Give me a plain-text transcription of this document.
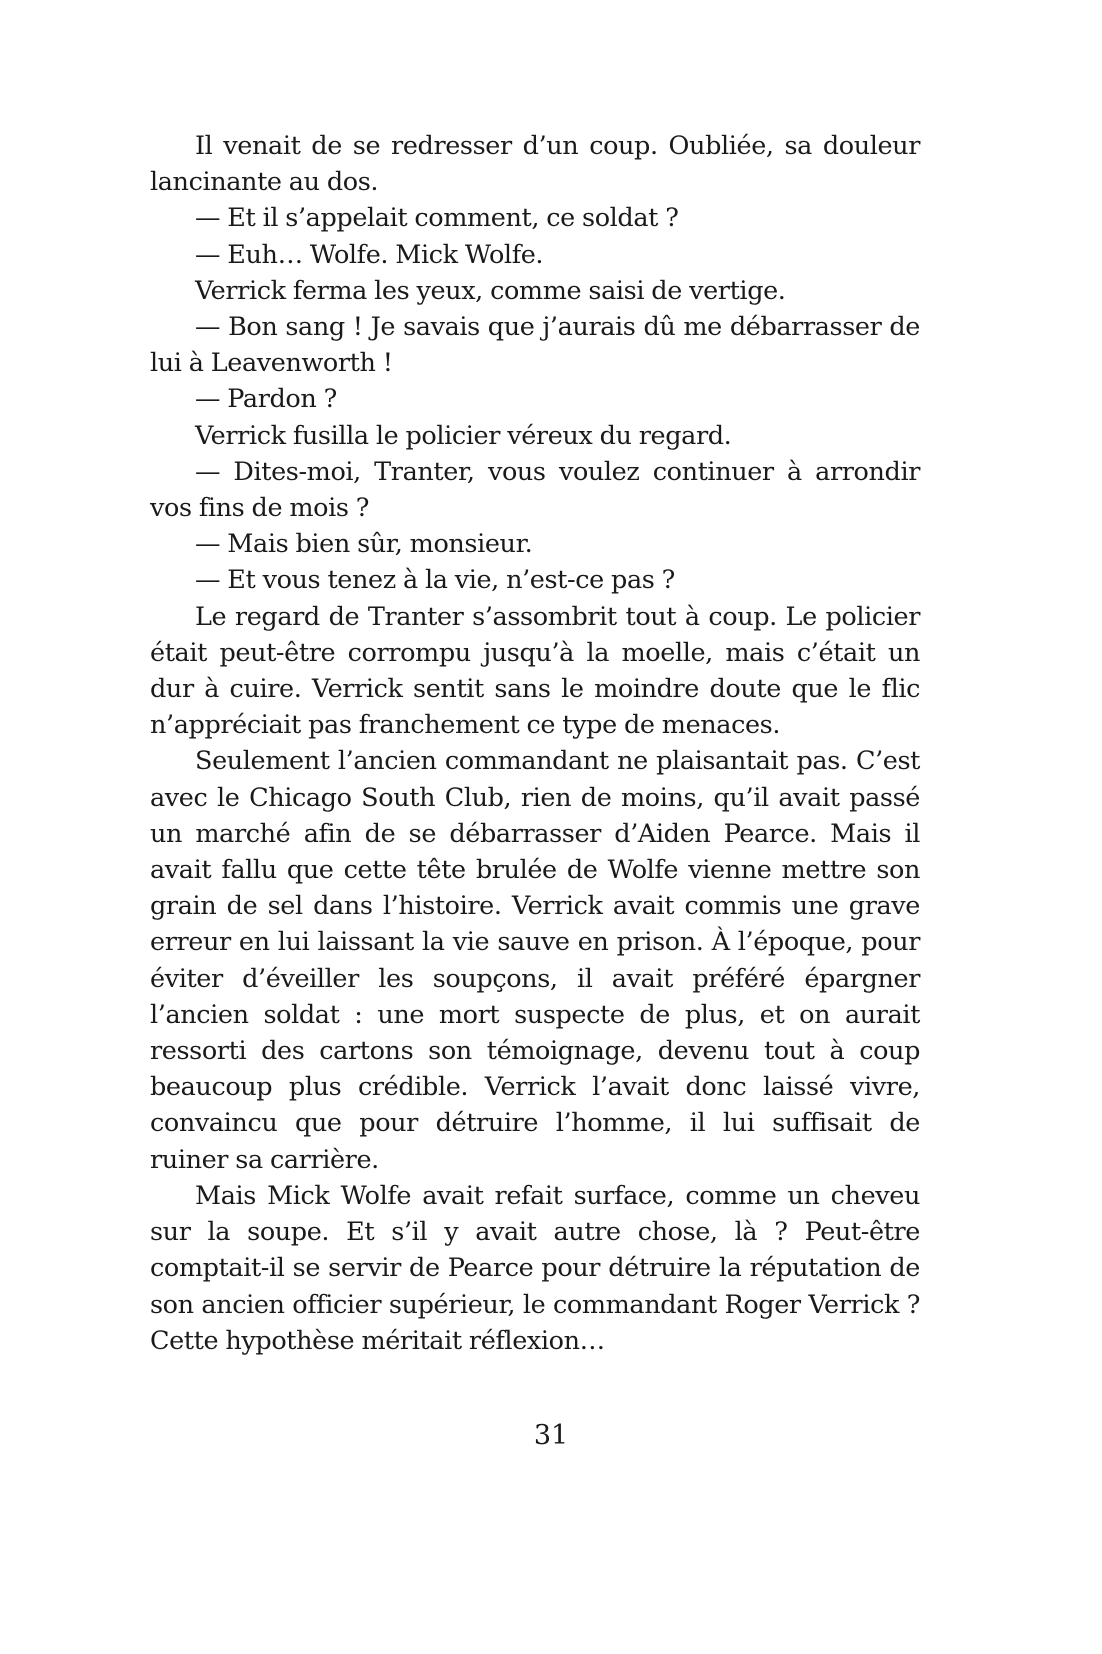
Il venait de se redresser d’un coup. Oubliée, sa douleur lancinante au dos.

— Et il s’appelait comment, ce soldat ?

— Euh… Wolfe. Mick Wolfe.

Verrick ferma les yeux, comme saisi de vertige.

— Bon sang ! Je savais que j’aurais dû me débarrasser de lui à Leavenworth !

— Pardon ?

Verrick fusilla le policier véreux du regard.

— Dites-moi, Tranter, vous voulez continuer à arrondir vos fins de mois ?

— Mais bien sûr, monsieur.

— Et vous tenez à la vie, n’est-ce pas ?

Le regard de Tranter s’assombrit tout à coup. Le policier était peut-être corrompu jusqu’à la moelle, mais c’était un dur à cuire. Verrick sentit sans le moindre doute que le flic n’appréciait pas franchement ce type de menaces.

Seulement l’ancien commandant ne plaisantait pas. C’est avec le Chicago South Club, rien de moins, qu’il avait passé un marché afin de se débarrasser d’Aiden Pearce. Mais il avait fallu que cette tête brulée de Wolfe vienne mettre son grain de sel dans l’histoire. Verrick avait commis une grave erreur en lui laissant la vie sauve en prison. À l’époque, pour éviter d’éveiller les soupçons, il avait préféré épargner l’ancien soldat : une mort suspecte de plus, et on aurait ressorti des cartons son témoignage, devenu tout à coup beaucoup plus crédible. Verrick l’avait donc laissé vivre, convaincu que pour détruire l’homme, il lui suffisait de ruiner sa carrière.

Mais Mick Wolfe avait refait surface, comme un cheveu sur la soupe. Et s’il y avait autre chose, là ? Peut-être comptait-il se servir de Pearce pour détruire la réputation de son ancien officier supérieur, le commandant Roger Verrick ? Cette hypothèse méritait réflexion…

31
